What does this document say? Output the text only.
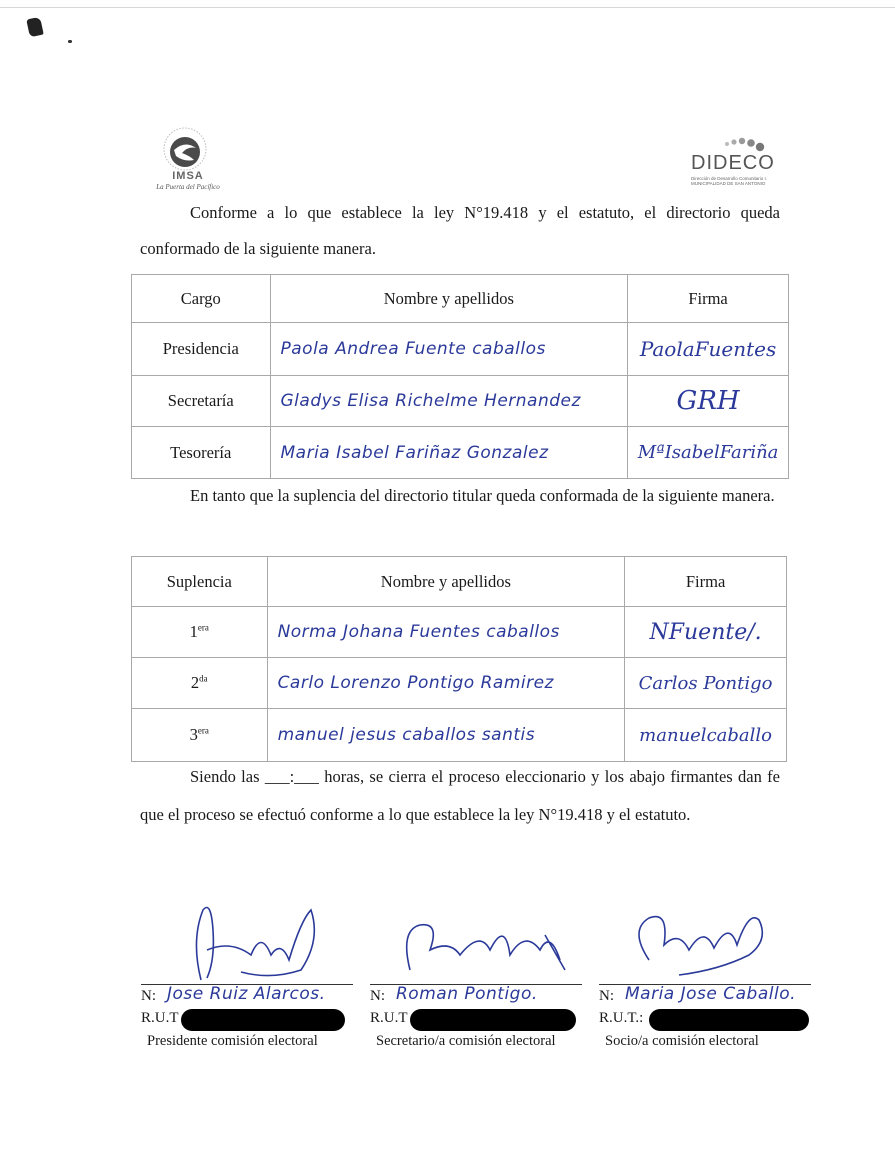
IMSA
La Puerta del Pacífico
DIDECO
Dirección de Desarrollo Comunitario I. MUNICIPALIDAD DE SAN ANTONIO

Conforme a lo que establece la ley N°19.418 y el estatuto, el directorio queda conformado de la siguiente manera.

Cargo	Nombre y apellidos	Firma
Presidencia	Paola Andrea Fuente caballos	PaolaFuentes
Secretaría	Gladys Elisa Richelme Hernandez	GRH
Tesorería	Maria Isabel Fariñaz Gonzalez	MªIsabelFariña

En tanto que la suplencia del directorio titular queda conformada de la siguiente manera.

Suplencia	Nombre y apellidos	Firma
$1^{era}$	Norma Johana Fuentes caballos	NFuente/.
$2^{da}$	Carlo Lorenzo Pontigo Ramirez	Carlos Pontigo
$3^{era}$	manuel jesus caballos santis	manuelcaballo

Siendo las ___:___ horas, se cierra el proceso eleccionario y los abajo firmantes dan fe que el proceso se efectuó conforme a lo que establece la ley N°19.418 y el estatuto.

N: Jose Ruiz Alarcos.
R.U.T
Presidente comisión electoral
N: Roman Pontigo.
R.U.T
Secretario/a comisión electoral
N: Maria Jose Caballo.
R.U.T.:
Socio/a comisión electoral
